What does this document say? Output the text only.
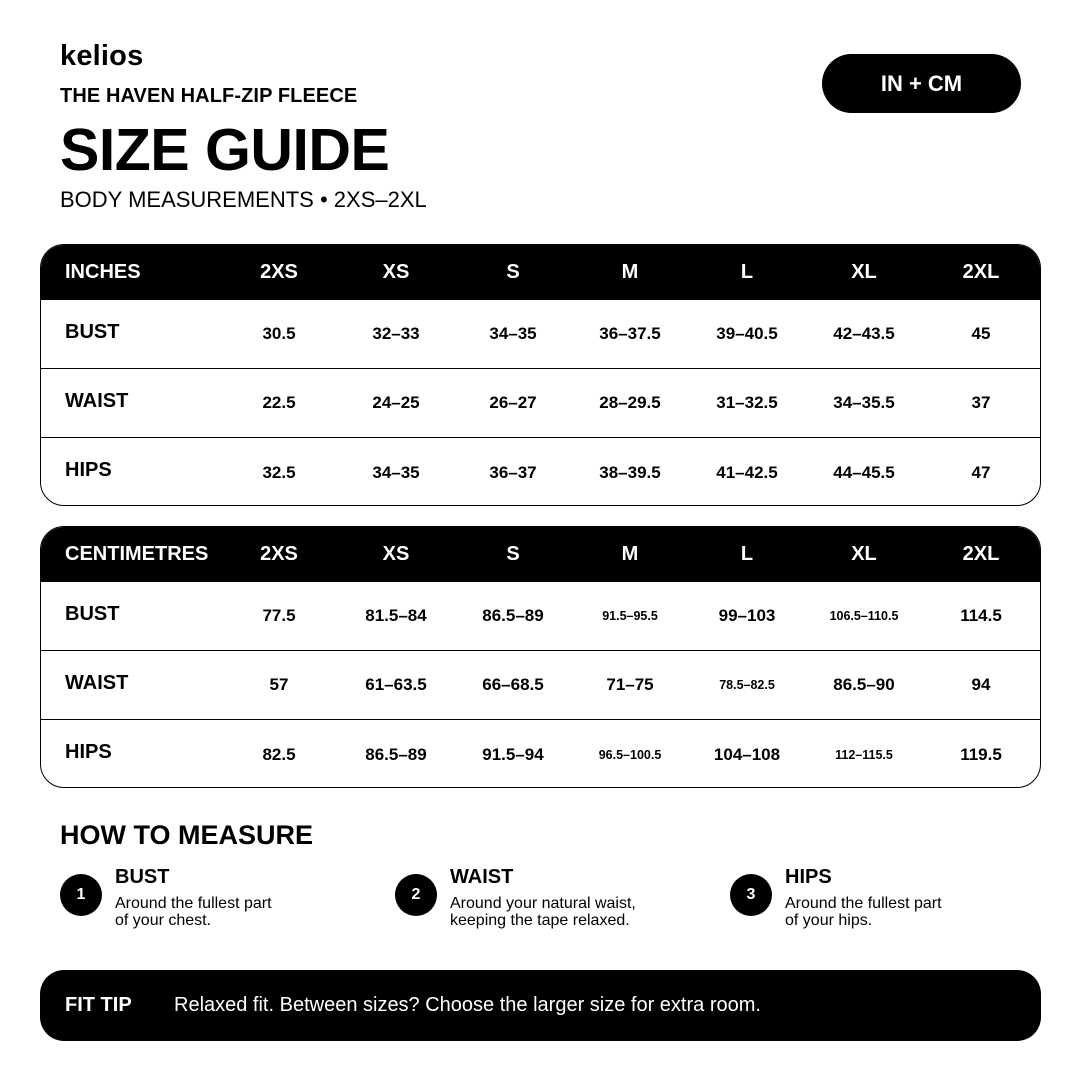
kelios
THE HAVEN HALF-ZIP FLEECE
SIZE GUIDE
BODY MEASUREMENTS • 2XS–2XL
IN + CM
INCHES	2XS	XS	S	M	L	XL	2XL
BUST	30.5	32–33	34–35	36–37.5	39–40.5	42–43.5	45
WAIST	22.5	24–25	26–27	28–29.5	31–32.5	34–35.5	37
HIPS	32.5	34–35	36–37	38–39.5	41–42.5	44–45.5	47
CENTIMETRES	2XS	XS	S	M	L	XL	2XL
BUST	77.5	81.5–84	86.5–89	91.5–95.5	99–103	106.5–110.5	114.5
WAIST	57	61–63.5	66–68.5	71–75	78.5–82.5	86.5–90	94
HIPS	82.5	86.5–89	91.5–94	96.5–100.5	104–108	112–115.5	119.5
HOW TO MEASURE
1
BUST
Around the fullest part
of your chest.
2
WAIST
Around your natural waist,
keeping the tape relaxed.
3
HIPS
Around the fullest part
of your hips.
FIT TIP Relaxed fit. Between sizes? Choose the larger size for extra room.
